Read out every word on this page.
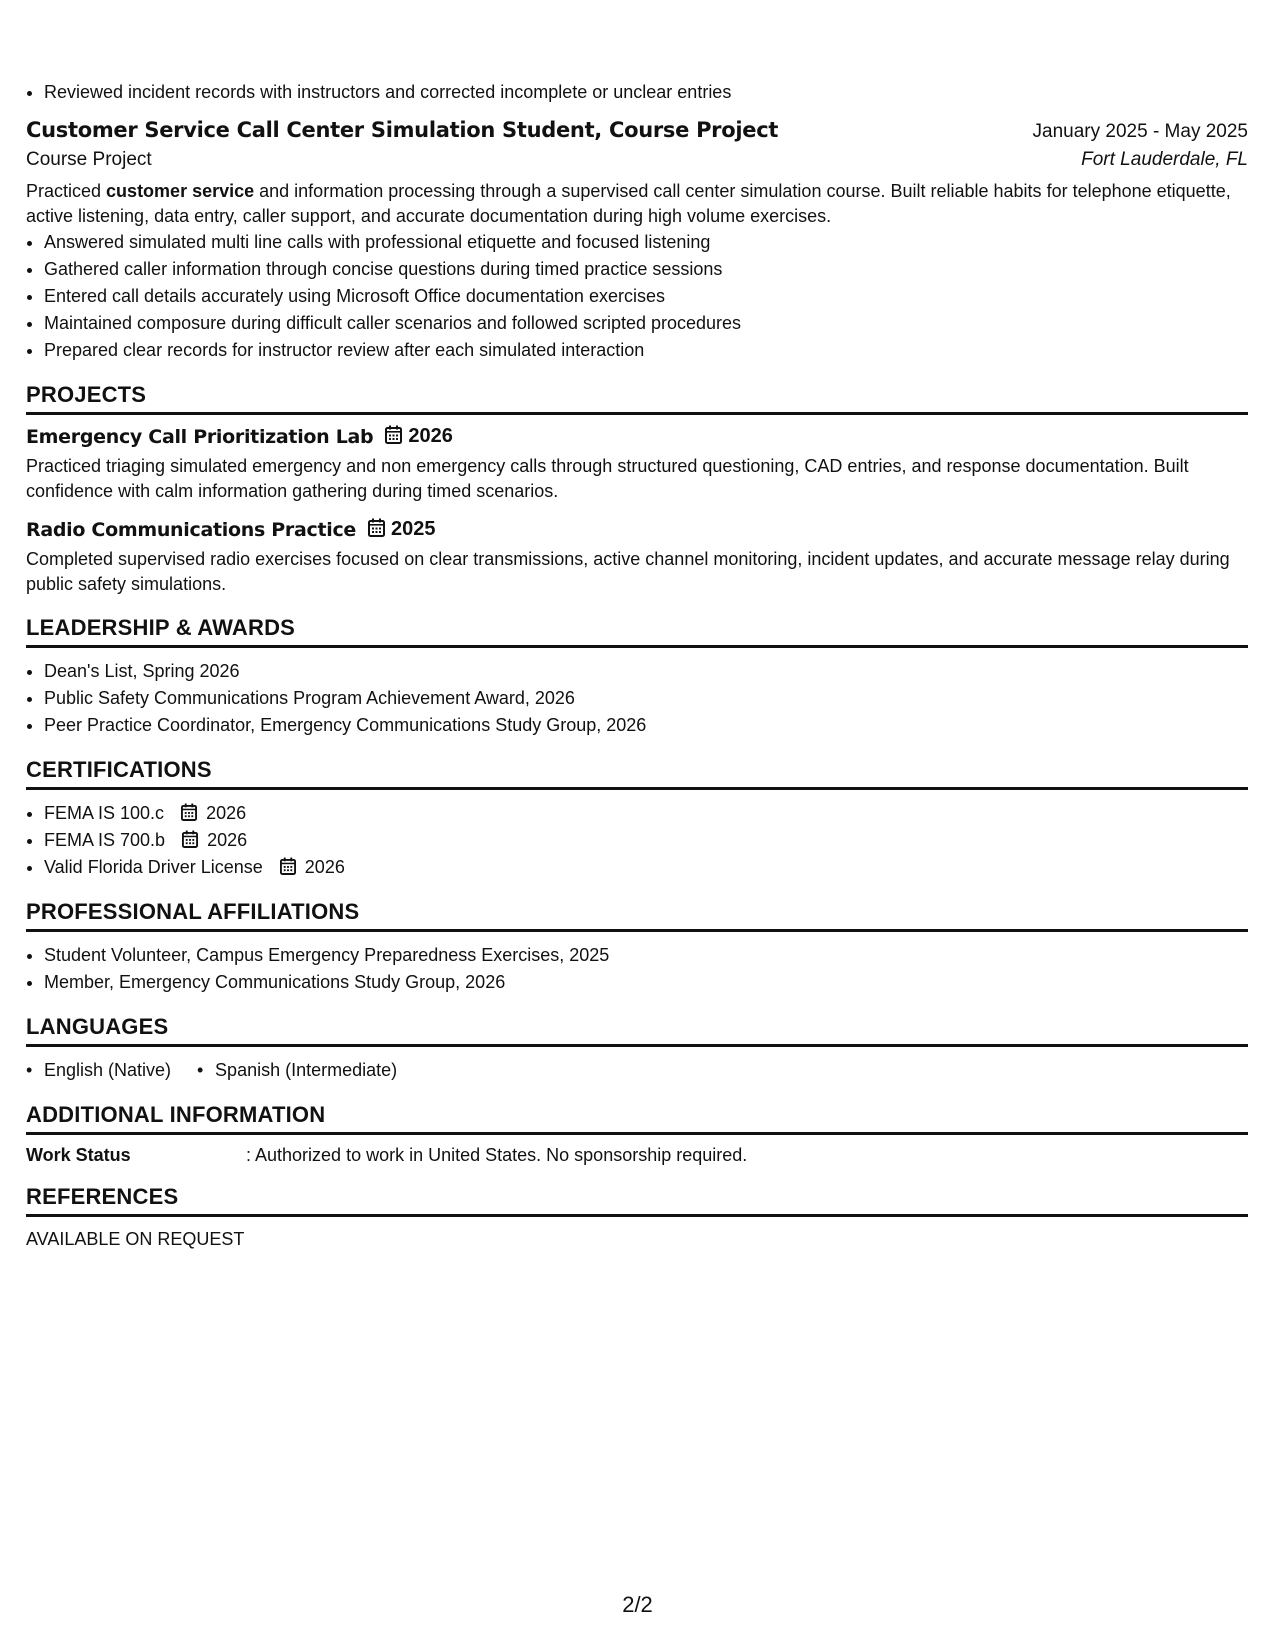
• Reviewed incident records with instructors and corrected incomplete or unclear entries
Customer Service Call Center Simulation Student, Course Project	January 2025 - May 2025
Course Project	Fort Lauderdale, FL
Practiced customer service and information processing through a supervised call center simulation course. Built reliable habits for telephone etiquette, active listening, data entry, caller support, and accurate documentation during high volume exercises.
• Answered simulated multi line calls with professional etiquette and focused listening
• Gathered caller information through concise questions during timed practice sessions
• Entered call details accurately using Microsoft Office documentation exercises
• Maintained composure during difficult caller scenarios and followed scripted procedures
• Prepared clear records for instructor review after each simulated interaction
PROJECTS
Emergency Call Prioritization Lab 2026
Practiced triaging simulated emergency and non emergency calls through structured questioning, CAD entries, and response documentation. Built confidence with calm information gathering during timed scenarios.
Radio Communications Practice 2025
Completed supervised radio exercises focused on clear transmissions, active channel monitoring, incident updates, and accurate message relay during public safety simulations.
LEADERSHIP & AWARDS
• Dean's List, Spring 2026
• Public Safety Communications Program Achievement Award, 2026
• Peer Practice Coordinator, Emergency Communications Study Group, 2026
CERTIFICATIONS
• FEMA IS 100.c 2026
• FEMA IS 700.b 2026
• Valid Florida Driver License 2026
PROFESSIONAL AFFILIATIONS
• Student Volunteer, Campus Emergency Preparedness Exercises, 2025
• Member, Emergency Communications Study Group, 2026
LANGUAGES
• English (Native)
•	Spanish (Intermediate)
ADDITIONAL INFORMATION
Work Status	: Authorized to work in United States. No sponsorship required.
REFERENCES
AVAILABLE ON REQUEST
2/2
